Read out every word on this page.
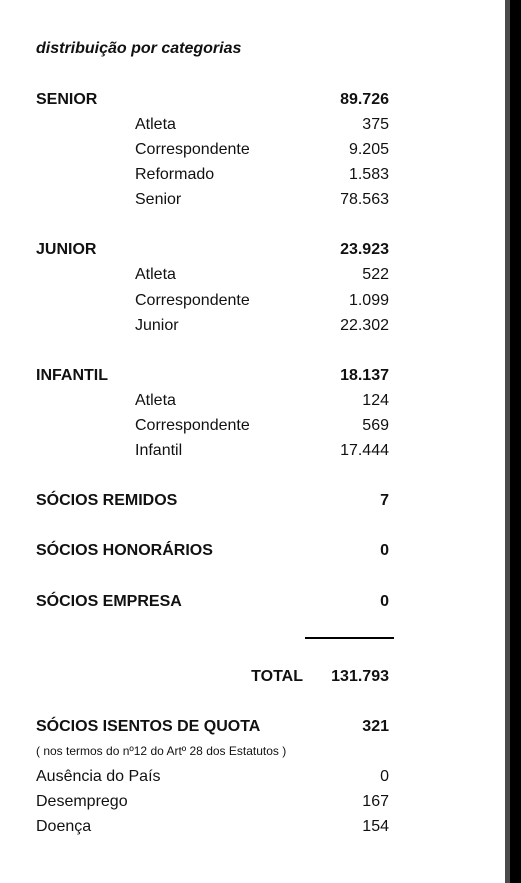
distribuição por categorias
SENIOR	89.726
Atleta	375
Correspondente	9.205
Reformado	1.583
Senior	78.563
JUNIOR	23.923
Atleta	522
Correspondente	1.099
Junior	22.302
INFANTIL	18.137
Atleta	124
Correspondente	569
Infantil	17.444
SÓCIOS REMIDOS	7
SÓCIOS HONORÁRIOS	0
SÓCIOS EMPRESA	0
TOTAL 131.793
SÓCIOS ISENTOS DE QUOTA	321
( nos termos do nº12 do Artº 28 dos Estatutos )
Ausência do País	0
Desemprego	167
Doença	154
